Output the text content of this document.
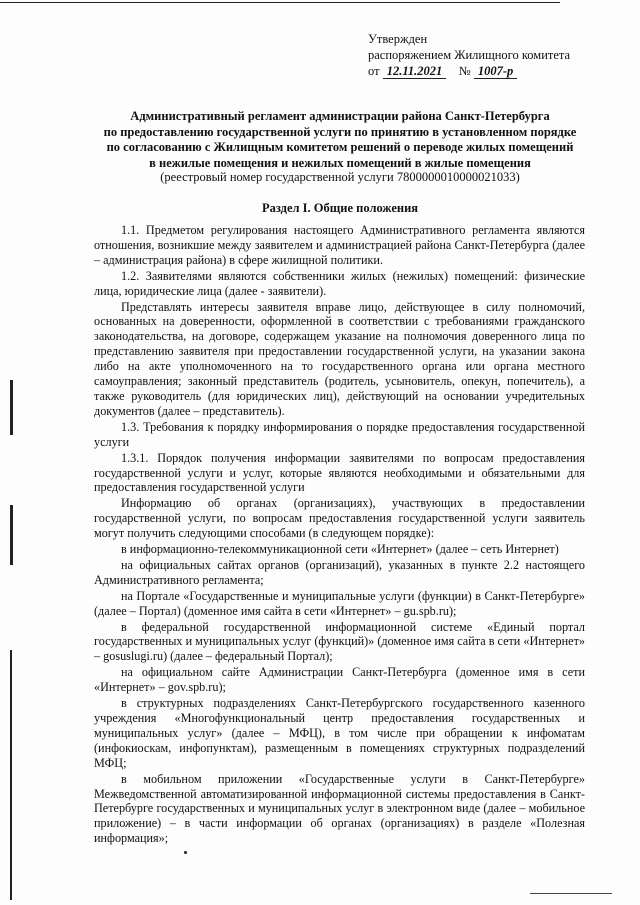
Утвержден
распоряжением Жилищного комитета
от 12.11.2021 № 1007-р
Административный регламент администрации района Санкт-Петербурга
по предоставлению государственной услуги по принятию в установленном порядке
по согласованию с Жилищным комитетом решений о переводе жилых помещений
в нежилые помещения и нежилых помещений в жилые помещения
(реестровый номер государственной услуги 7800000010000021033)
Раздел I. Общие положения

1.1. Предметом регулирования настоящего Административного регламента являются отношения, возникшие между заявителем и администрацией района Санкт-Петербурга (далее – администрация района) в сфере жилищной политики.

1.2. Заявителями являются собственники жилых (нежилых) помещений: физические лица, юридические лица (далее - заявители).

Представлять интересы заявителя вправе лицо, действующее в силу полномочий, основанных на доверенности, оформленной в соответствии с требованиями гражданского законодательства, на договоре, содержащем указание на полномочия доверенного лица по представлению заявителя при предоставлении государственной услуги, на указании закона либо на акте уполномоченного на то государственного органа или органа местного самоуправления; законный представитель (родитель, усыновитель, опекун, попечитель), а также руководитель (для юридических лиц), действующий на основании учредительных документов (далее – представитель).

1.3. Требования к порядку информирования о порядке предоставления государственной услуги

1.3.1. Порядок получения информации заявителями по вопросам предоставления государственной услуги и услуг, которые являются необходимыми и обязательными для предоставления государственной услуги

Информацию об органах (организациях), участвующих в предоставлении государственной услуги, по вопросам предоставления государственной услуги заявитель могут получить следующими способами (в следующем порядке):

в информационно-телекоммуникационной сети «Интернет» (далее – сеть Интернет)

на официальных сайтах органов (организаций), указанных в пункте 2.2 настоящего Административного регламента;

на Портале «Государственные и муниципальные услуги (функции) в Санкт-Петербурге» (далее – Портал) (доменное имя сайта в сети «Интернет» – gu.spb.ru);

в федеральной государственной информационной системе «Единый портал государственных и муниципальных услуг (функций)» (доменное имя сайта в сети «Интернет» – gosuslugi.ru) (далее – федеральный Портал);

на официальном сайте Администрации Санкт-Петербурга (доменное имя в сети «Интернет» – gov.spb.ru);

в структурных подразделениях Санкт-Петербургского государственного казенного учреждения «Многофункциональный центр предоставления государственных и муниципальных услуг» (далее – МФЦ), в том числе при обращении к инфоматам (инфокиоскам, инфопунктам), размещенным в помещениях структурных подразделений МФЦ;

в мобильном приложении «Государственные услуги в Санкт-Петербурге» Межведомственной автоматизированной информационной системы предоставления в Санкт-Петербурге государственных и муниципальных услуг в электронном виде (далее – мобильное приложение) – в части информации об органах (организациях) в разделе «Полезная информация»;
